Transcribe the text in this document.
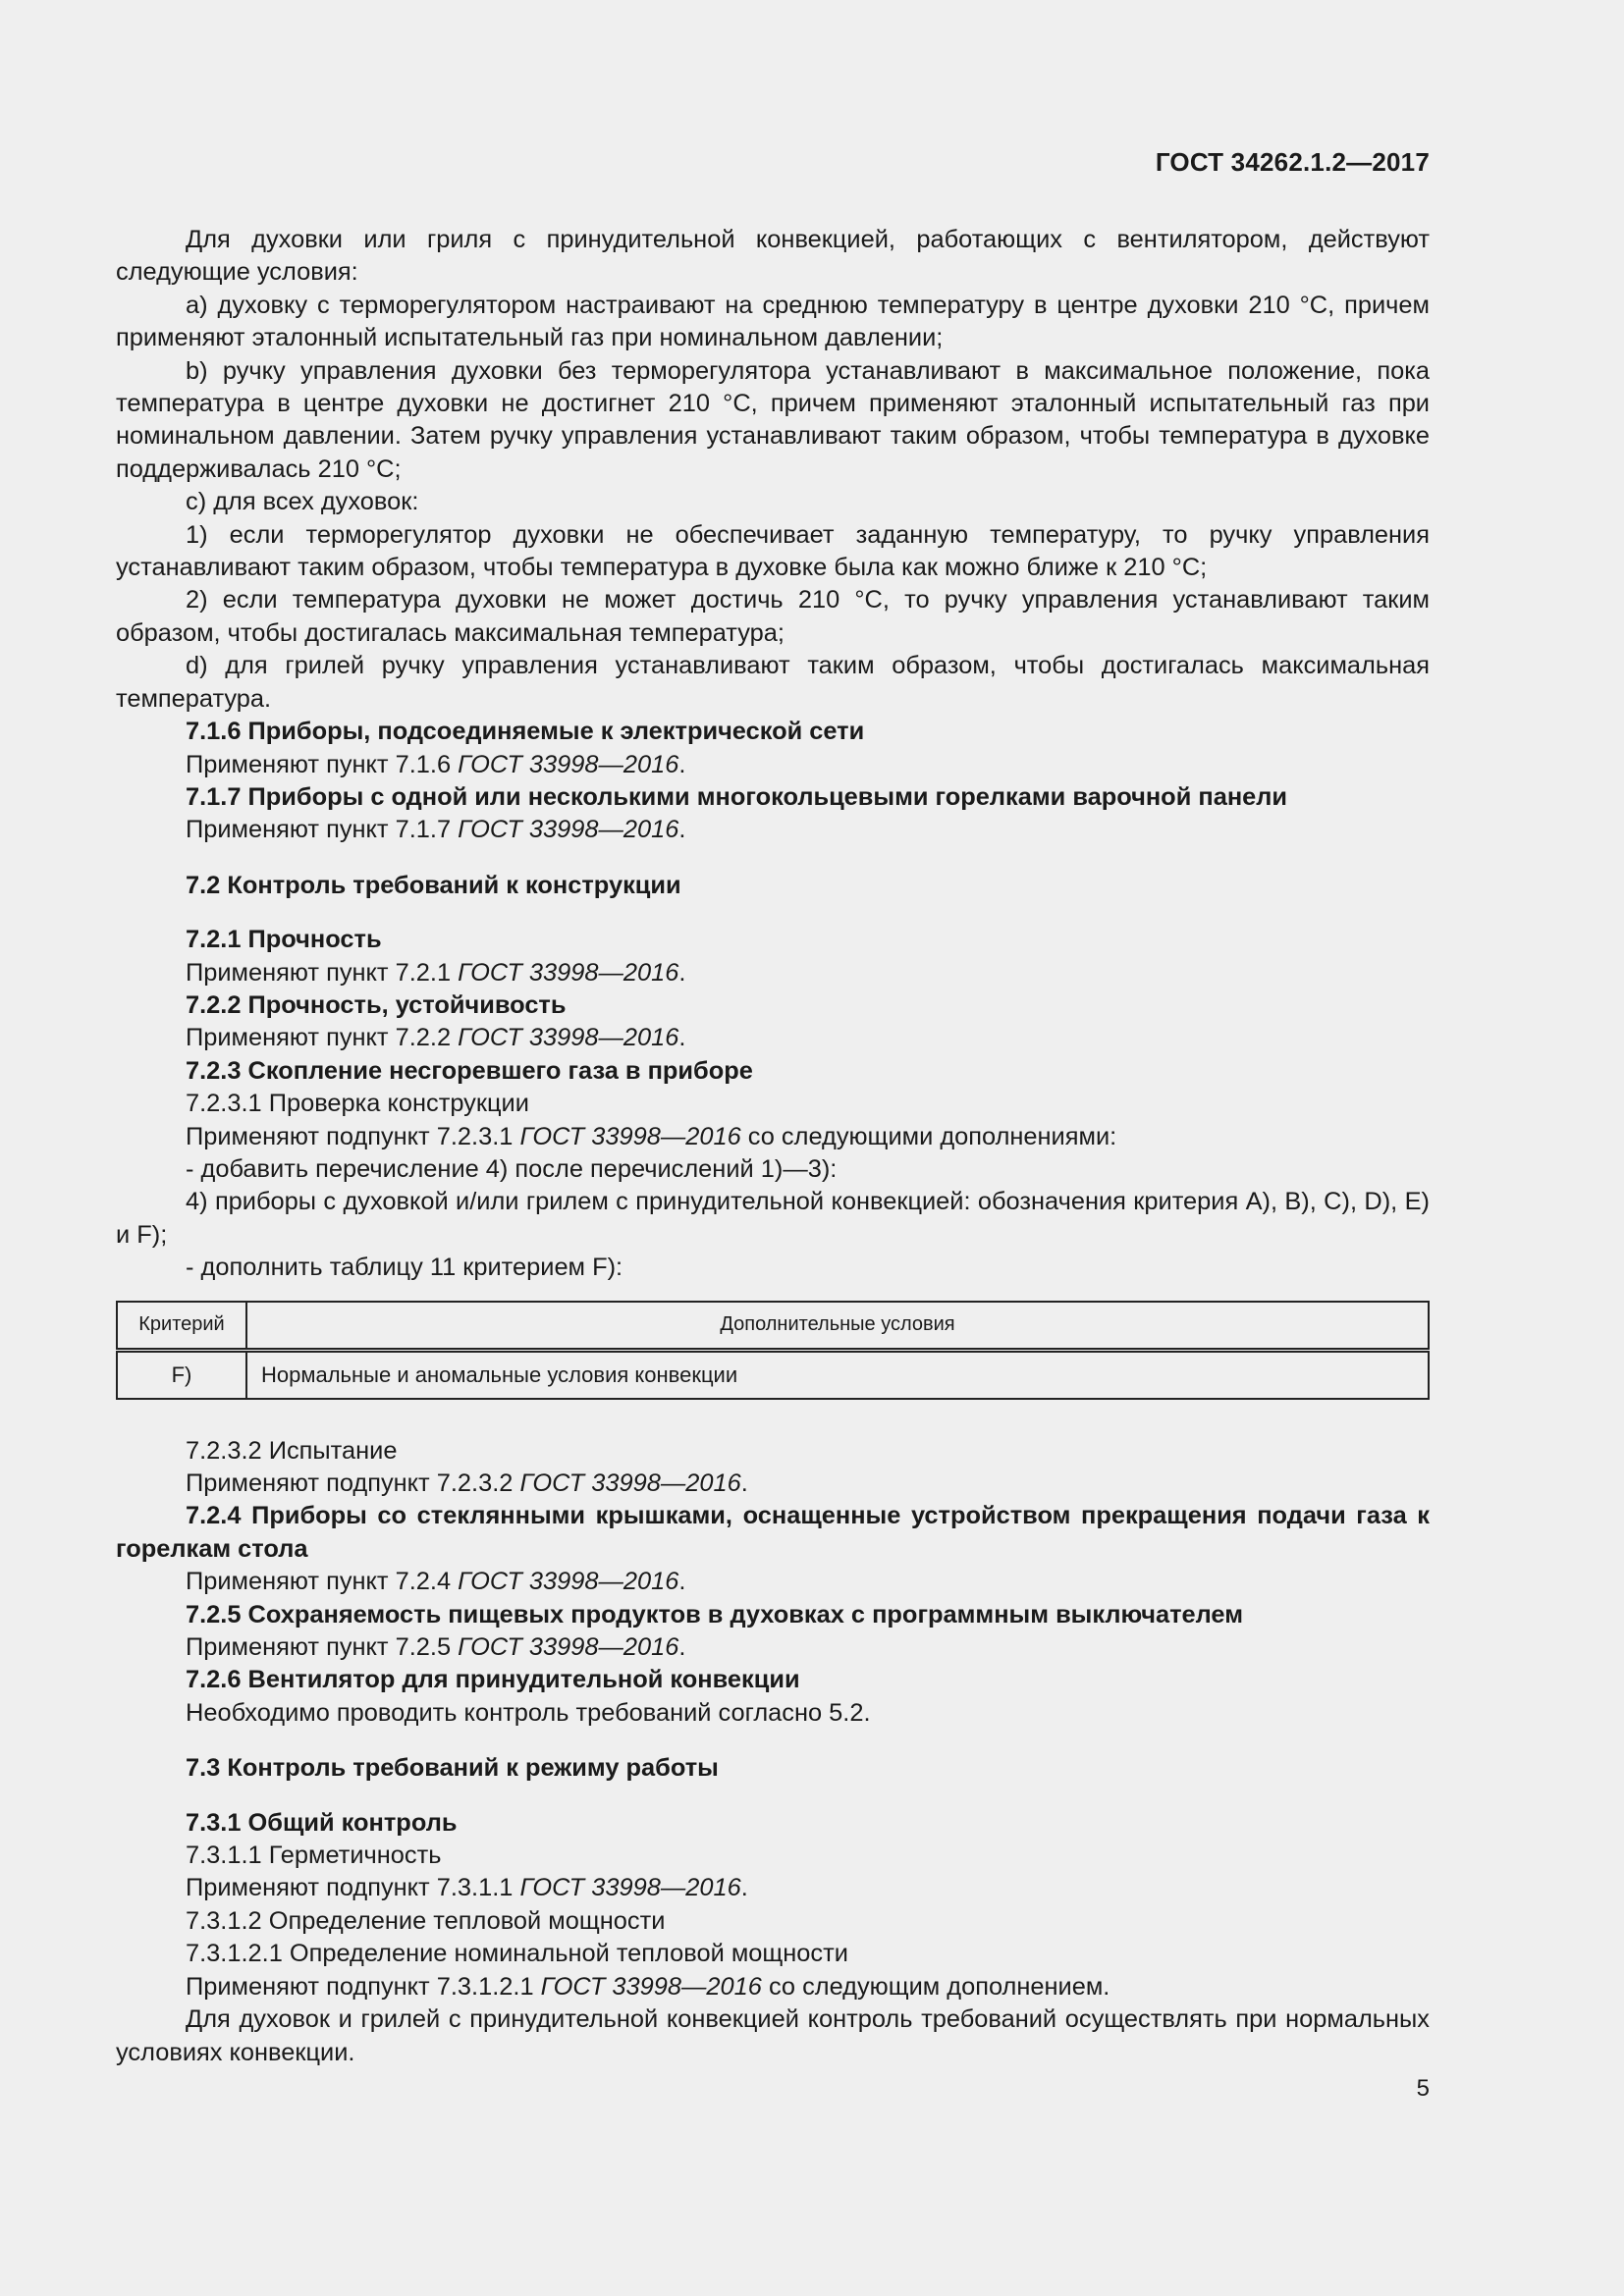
ГОСТ 34262.1.2—2017

Для духовки или гриля с принудительной конвекцией, работающих с вентилятором, действуют следующие условия:

а) духовку с терморегулятором настраивают на среднюю температуру в центре духовки 210 °С, причем применяют эталонный испытательный газ при номинальном давлении;

b) ручку управления духовки без терморегулятора устанавливают в максимальное положение, пока температура в центре духовки не достигнет 210 °С, причем применяют эталонный испытательный газ при номинальном давлении. Затем ручку управления устанавливают таким образом, чтобы температура в духовке поддерживалась 210 °С;

с) для всех духовок:

1) если терморегулятор духовки не обеспечивает заданную температуру, то ручку управления устанавливают таким образом, чтобы температура в духовке была как можно ближе к 210 °С;

2) если температура духовки не может достичь 210 °С, то ручку управления устанавливают таким образом, чтобы достигалась максимальная температура;

d) для грилей ручку управления устанавливают таким образом, чтобы достигалась максимальная температура.

7.1.6 Приборы, подсоединяемые к электрической сети

Применяют пункт 7.1.6 ГОСТ 33998—2016.

7.1.7 Приборы с одной или несколькими многокольцевыми горелками варочной панели

Применяют пункт 7.1.7 ГОСТ 33998—2016.

7.2 Контроль требований к конструкции

7.2.1 Прочность

Применяют пункт 7.2.1 ГОСТ 33998—2016.

7.2.2 Прочность, устойчивость

Применяют пункт 7.2.2 ГОСТ 33998—2016.

7.2.3 Скопление несгоревшего газа в приборе

7.2.3.1 Проверка конструкции

Применяют подпункт 7.2.3.1 ГОСТ 33998—2016 со следующими дополнениями:

- добавить перечисление 4) после перечислений 1)—3):

4) приборы с духовкой и/или грилем с принудительной конвекцией: обозначения критерия А), В), С), D), Е) и F);

- дополнить таблицу 11 критерием F):

Критерий	Дополнительные условия
F)	Нормальные и аномальные условия конвекции

7.2.3.2 Испытание

Применяют подпункт 7.2.3.2 ГОСТ 33998—2016.

7.2.4 Приборы со стеклянными крышками, оснащенные устройством прекращения подачи газа к горелкам стола

Применяют пункт 7.2.4 ГОСТ 33998—2016.

7.2.5 Сохраняемость пищевых продуктов в духовках с программным выключателем

Применяют пункт 7.2.5 ГОСТ 33998—2016.

7.2.6 Вентилятор для принудительной конвекции

Необходимо проводить контроль требований согласно 5.2.

7.3 Контроль требований к режиму работы

7.3.1 Общий контроль

7.3.1.1 Герметичность

Применяют подпункт 7.3.1.1 ГОСТ 33998—2016.

7.3.1.2 Определение тепловой мощности

7.3.1.2.1 Определение номинальной тепловой мощности

Применяют подпункт 7.3.1.2.1 ГОСТ 33998—2016 со следующим дополнением.

Для духовок и грилей с принудительной конвекцией контроль требований осуществлять при нормальных условиях конвекции.

5
